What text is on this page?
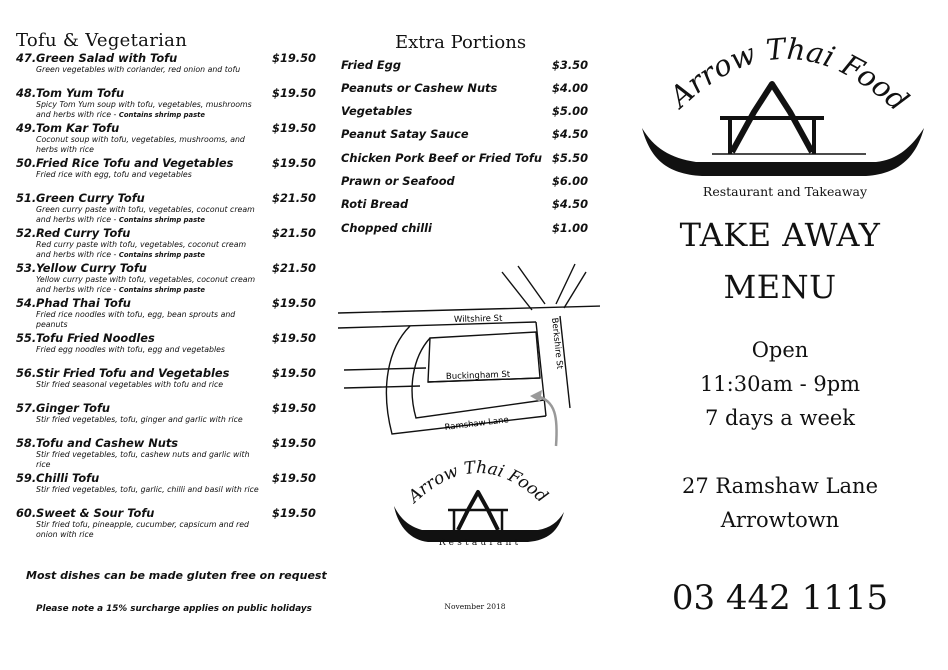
Tofu & Vegetarian
47. Green Salad with Tofu	$19.50
Green vegetables with coriander, red onion and tofu
48. Tom Yum Tofu	$19.50
Spicy Tom Yum soup with tofu, vegetables, mushrooms and herbs with rice - Contains shrimp paste
49. Tom Kar Tofu	$19.50
Coconut soup with tofu, vegetables, mushrooms, and herbs with rice
50. Fried Rice Tofu and Vegetables	$19.50
Fried rice with egg, tofu and vegetables
51. Green Curry Tofu	$21.50
Green curry paste with tofu, vegetables, coconut cream and herbs with rice - Contains shrimp paste
52. Red Curry Tofu	$21.50
Red curry paste with tofu, vegetables, coconut cream and herbs with rice - Contains shrimp paste
53. Yellow Curry Tofu	$21.50
Yellow curry paste with tofu, vegetables, coconut cream and herbs with rice - Contains shrimp paste
54. Phad Thai Tofu	$19.50
Fried rice noodles with tofu, egg, bean sprouts and peanuts
55. Tofu Fried Noodles	$19.50
Fried egg noodles with tofu, egg and vegetables
56. Stir Fried Tofu and Vegetables	$19.50
Stir fried seasonal vegetables with tofu and rice
57. Ginger Tofu	$19.50
Stir fried vegetables, tofu, ginger and garlic with rice
58. Tofu and Cashew Nuts	$19.50
Stir fried vegetables, tofu, cashew nuts and garlic with rice
59. Chilli Tofu	$19.50
Stir fried vegetables, tofu, garlic, chilli and basil with rice
60. Sweet & Sour Tofu	$19.50
Stir fried tofu, pineapple, cucumber, capsicum and red onion with rice
Most dishes can be made gluten free on request
Please note a 15% surcharge applies on public holidays
Extra Portions
Fried Egg	$3.50
Peanuts or Cashew Nuts	$4.00
Vegetables	$5.00
Peanut Satay Sauce	$4.50
Chicken Pork Beef or Fried Tofu $5.50
Prawn or Seafood	$6.00
Roti Bread	$4.50
Chopped chilli	$1.00
Wiltshire St	Berkshire St
Buckingham St
Ramshaw Lane
Arrow Thai Food
Restaurant
November 2018
Arrow Thai Food
Restaurant and Takeaway
TAKE AWAY
MENU
Open
11:30am - 9pm
7 days a week
27 Ramshaw Lane
Arrowtown
03 442 1115
